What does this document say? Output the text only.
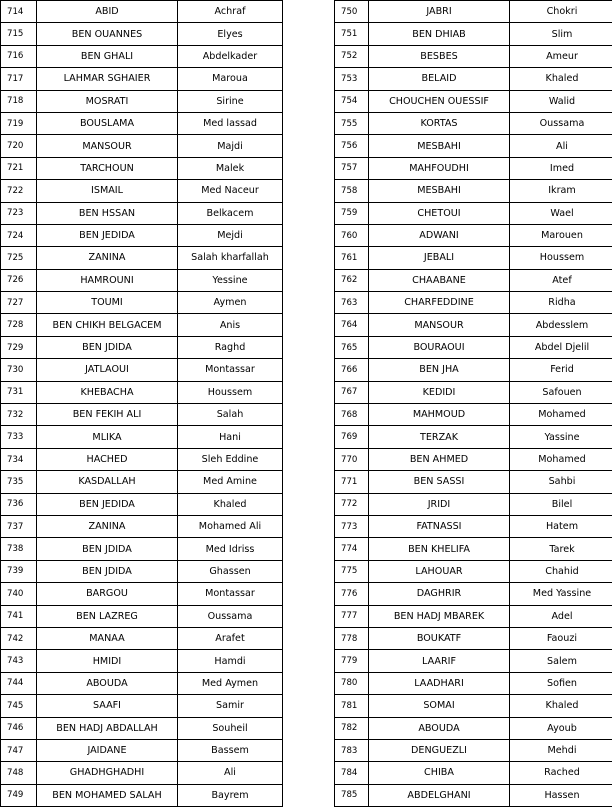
714	ABID	Achraf
715	BEN OUANNES	Elyes
716	BEN GHALI	Abdelkader
717	LAHMAR SGHAIER	Maroua
718	MOSRATI	Sirine
719	BOUSLAMA	Med lassad
720	MANSOUR	Majdi
721	TARCHOUN	Malek
722	ISMAIL	Med Naceur
723	BEN HSSAN	Belkacem
724	BEN JEDIDA	Mejdi
725	ZANINA	Salah kharfallah
726	HAMROUNI	Yessine
727	TOUMI	Aymen
728	BEN CHIKH BELGACEM	Anis
729	BEN JDIDA	Raghd
730	JATLAOUI	Montassar
731	KHEBACHA	Houssem
732	BEN FEKIH ALI	Salah
733	MLIKA	Hani
734	HACHED	Sleh Eddine
735	KASDALLAH	Med Amine
736	BEN JEDIDA	Khaled
737	ZANINA	Mohamed Ali
738	BEN JDIDA	Med Idriss
739	BEN JDIDA	Ghassen
740	BARGOU	Montassar
741	BEN LAZREG	Oussama
742	MANAA	Arafet
743	HMIDI	Hamdi
744	ABOUDA	Med Aymen
745	SAAFI	Samir
746	BEN HADJ ABDALLAH	Souheil
747	JAIDANE	Bassem
748	GHADHGHADHI	Ali
749	BEN MOHAMED SALAH	Bayrem
750	JABRI	Chokri
751	BEN DHIAB	Slim
752	BESBES	Ameur
753	BELAID	Khaled
754	CHOUCHEN OUESSIF	Walid
755	KORTAS	Oussama
756	MESBAHI	Ali
757	MAHFOUDHI	Imed
758	MESBAHI	Ikram
759	CHETOUI	Wael
760	ADWANI	Marouen
761	JEBALI	Houssem
762	CHAABANE	Atef
763	CHARFEDDINE	Ridha
764	MANSOUR	Abdesslem
765	BOURAOUI	Abdel Djelil
766	BEN JHA	Ferid
767	KEDIDI	Safouen
768	MAHMOUD	Mohamed
769	TERZAK	Yassine
770	BEN AHMED	Mohamed
771	BEN SASSI	Sahbi
772	JRIDI	Bilel
773	FATNASSI	Hatem
774	BEN KHELIFA	Tarek
775	LAHOUAR	Chahid
776	DAGHRIR	Med Yassine
777	BEN HADJ MBAREK	Adel
778	BOUKATF	Faouzi
779	LAARIF	Salem
780	LAADHARI	Sofien
781	SOMAI	Khaled
782	ABOUDA	Ayoub
783	DENGUEZLI	Mehdi
784	CHIBA	Rached
785	ABDELGHANI	Hassen
